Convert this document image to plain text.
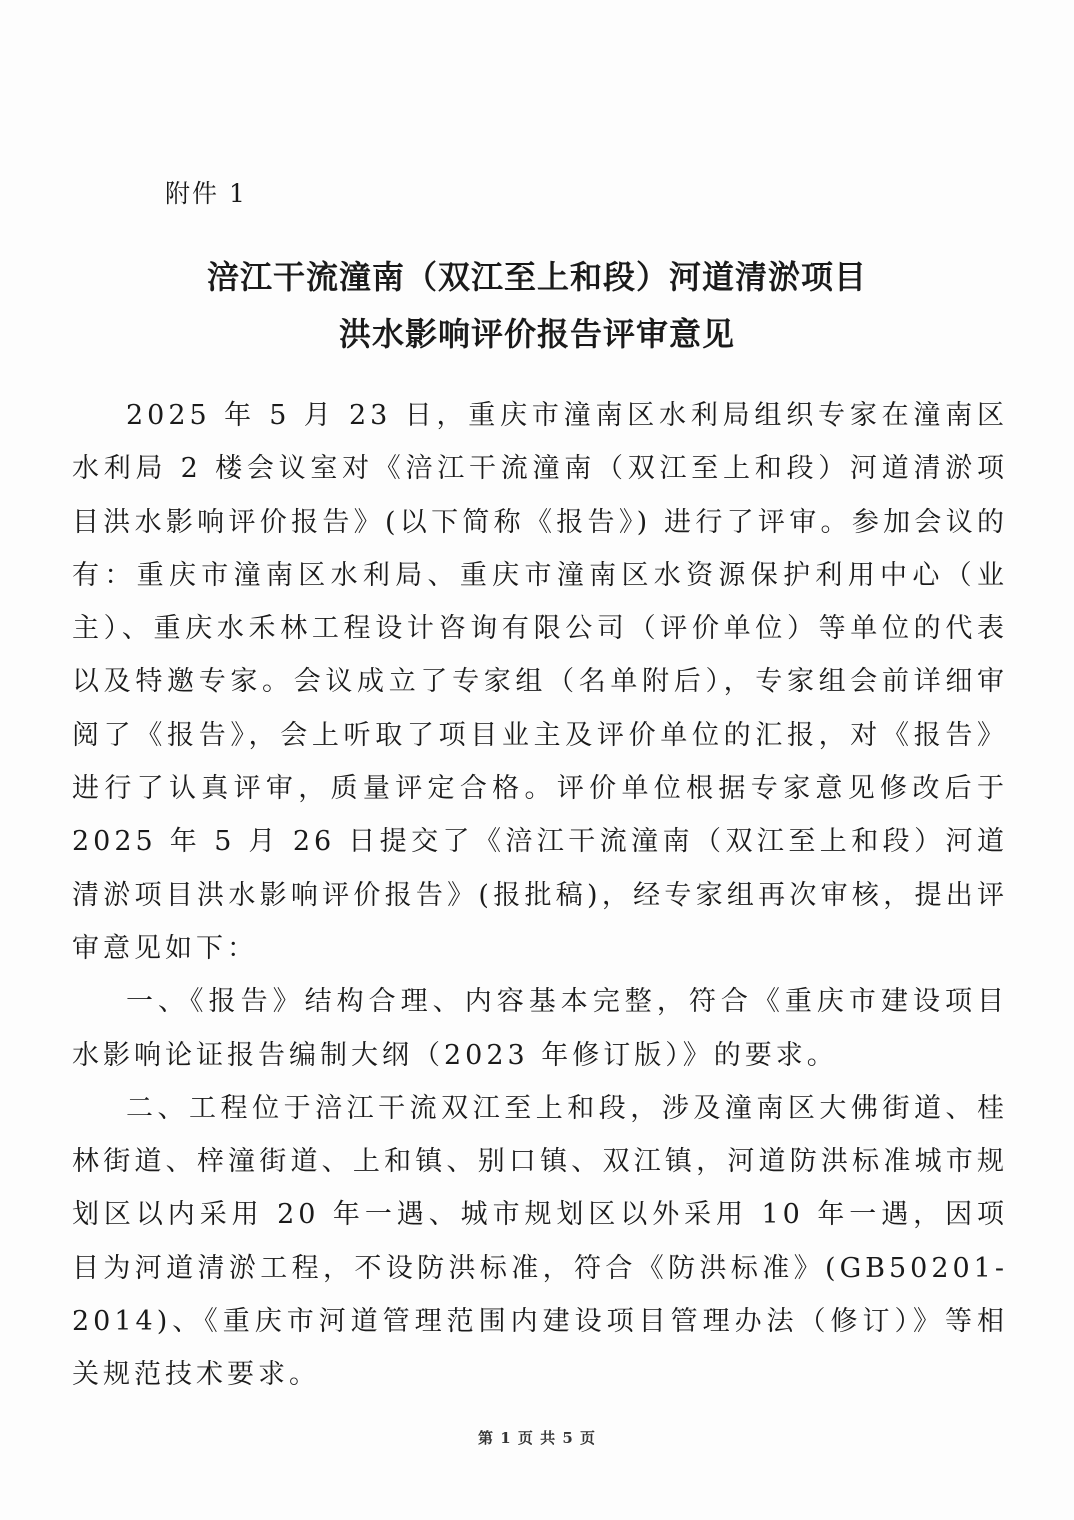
附件 1
涪江干流潼南（双江至上和段）河道清淤项目
洪水影响评价报告评审意见

2025 年 5 月 23 日，重庆市潼南区水利局组织专家在潼南区水利局 2 楼会议室对《涪江干流潼南（双江至上和段）河道清淤项目洪水影响评价报告》(以下简称《报告》) 进行了评审。参加会议的有：重庆市潼南区水利局、重庆市潼南区水资源保护利用中心（业主）、重庆水禾林工程设计咨询有限公司（评价单位）等单位的代表以及特邀专家。会议成立了专家组（名单附后），专家组会前详细审阅了《报告》，会上听取了项目业主及评价单位的汇报，对《报告》进行了认真评审，质量评定合格。评价单位根据专家意见修改后于 2025 年 5 月 26 日提交了《涪江干流潼南（双江至上和段）河道清淤项目洪水影响评价报告》(报批稿)，经专家组再次审核，提出评审意见如下：

一、《报告》结构合理、内容基本完整，符合《重庆市建设项目水影响论证报告编制大纲（2023 年修订版）》的要求。

二、工程位于涪江干流双江至上和段，涉及潼南区大佛街道、桂林街道、梓潼街道、上和镇、别口镇、双江镇，河道防洪标准城市规划区以内采用 20 年一遇、城市规划区以外采用 10 年一遇，因项目为河道清淤工程，不设防洪标准，符合《防洪标准》(GB50201-2014)、《重庆市河道管理范围内建设项目管理办法（修订）》等相关规范技术要求。

第 1 页 共 5 页
